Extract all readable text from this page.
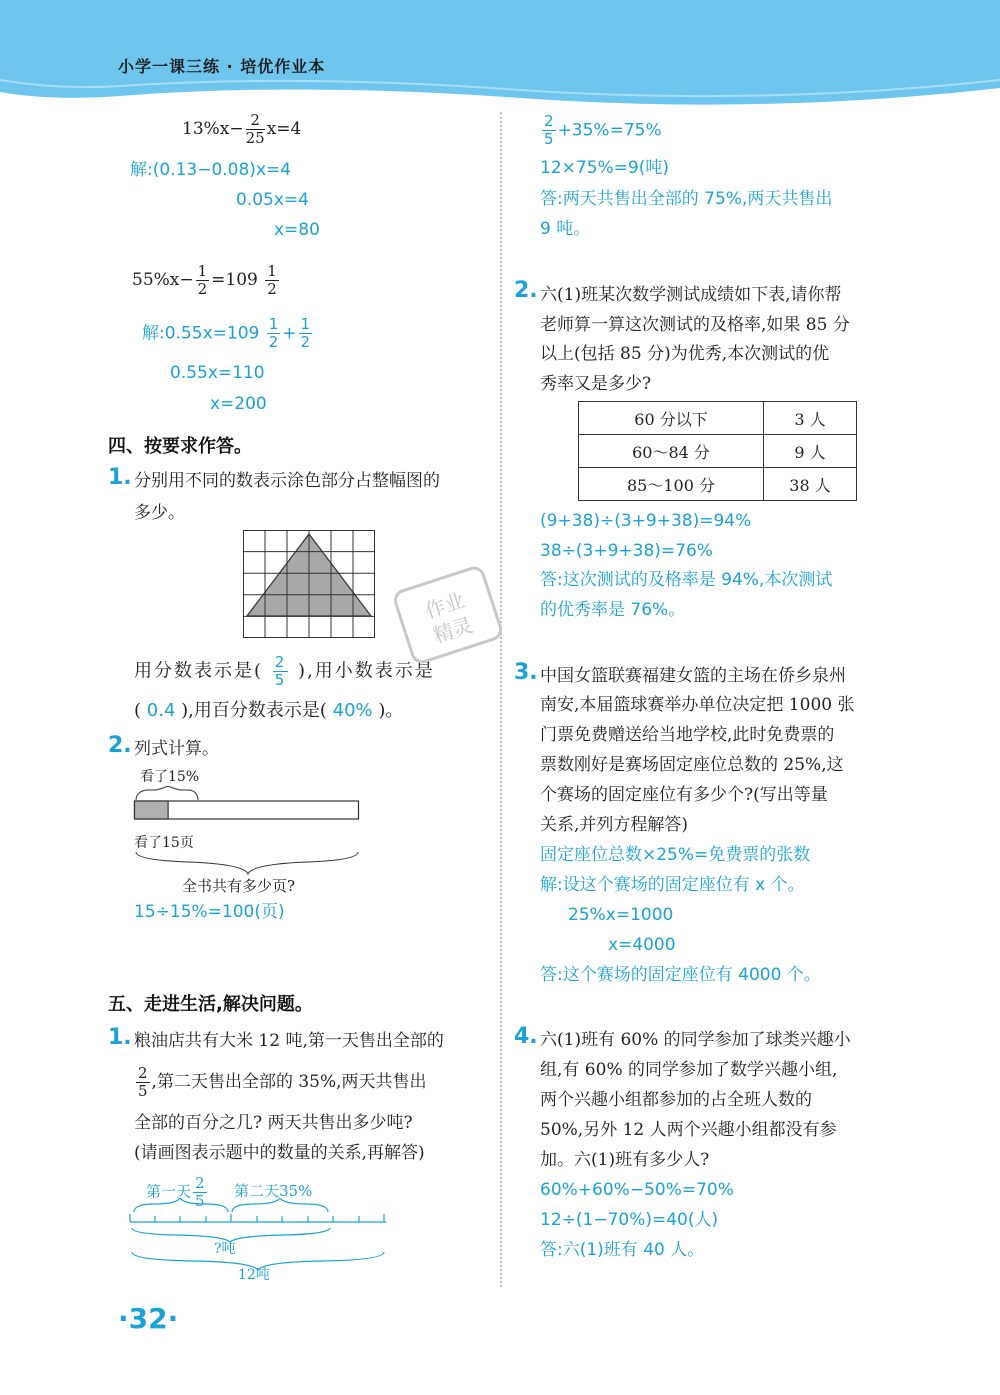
小学一课三练 · 培优作业本
$13\%x- \frac{2}{25} x=4$
解:(0.13−0.08)x=4
0.05x=4
x=80
$55\%x- \frac{1}{2} =109 \frac{1}{2}$
解:0.55x=109 $\frac{1}{2} + \frac{1}{2}$
0.55x=110
x=200
四、按要求作答。
1. 分别用不同的数表示涂色部分占整幅图的
多少。
用分数表示是( $\frac{2}{5}$ ),用小数表示是
( 0.4 ),用百分数表示是( 40% )。
2. 列式计算。
看了15%
看了15页
全书共有多少页?
15÷15%=100(页)
五、走进生活,解决问题。
1. 粮油店共有大米 12 吨,第一天售出全部的
$\frac{2}{5}$ ,第二天售出全部的 35%,两天共售出
全部的百分之几? 两天共售出多少吨?
(请画图表示题中的数量的关系,再解答)
第一天 $\frac{2}{5}$ 第二天35%
?吨
12吨
$\frac{2}{5} +35\%=75\%$
12×75%=9(吨)
答:两天共售出全部的 75%,两天共售出
9 吨。
2. 六(1)班某次数学测试成绩如下表,请你帮
老师算一算这次测试的及格率,如果 85 分
以上(包括 85 分)为优秀,本次测试的优
秀率又是多少?
60 分以下	3 人
60～84 分	9 人
85～100 分	38 人
(9+38)÷(3+9+38)=94%
38÷(3+9+38)=76%
答:这次测试的及格率是 94%,本次测试
的优秀率是 76%。
3. 中国女篮联赛福建女篮的主场在侨乡泉州
南安,本届篮球赛举办单位决定把 1000 张
门票免费赠送给当地学校,此时免费票的
票数刚好是赛场固定座位总数的 25%,这
个赛场的固定座位有多少个?(写出等量
关系,并列方程解答)
固定座位总数×25%=免费票的张数
解:设这个赛场的固定座位有 x 个。
25%x=1000
x=4000
答:这个赛场的固定座位有 4000 个。
4. 六(1)班有 60% 的同学参加了球类兴趣小
组,有 60% 的同学参加了数学兴趣小组,
两个兴趣小组都参加的占全班人数的
50%,另外 12 人两个兴趣小组都没有参
加。六(1)班有多少人?
60%+60%−50%=70%
12÷(1−70%)=40(人)
答:六(1)班有 40 人。
作业
精灵
·32·
